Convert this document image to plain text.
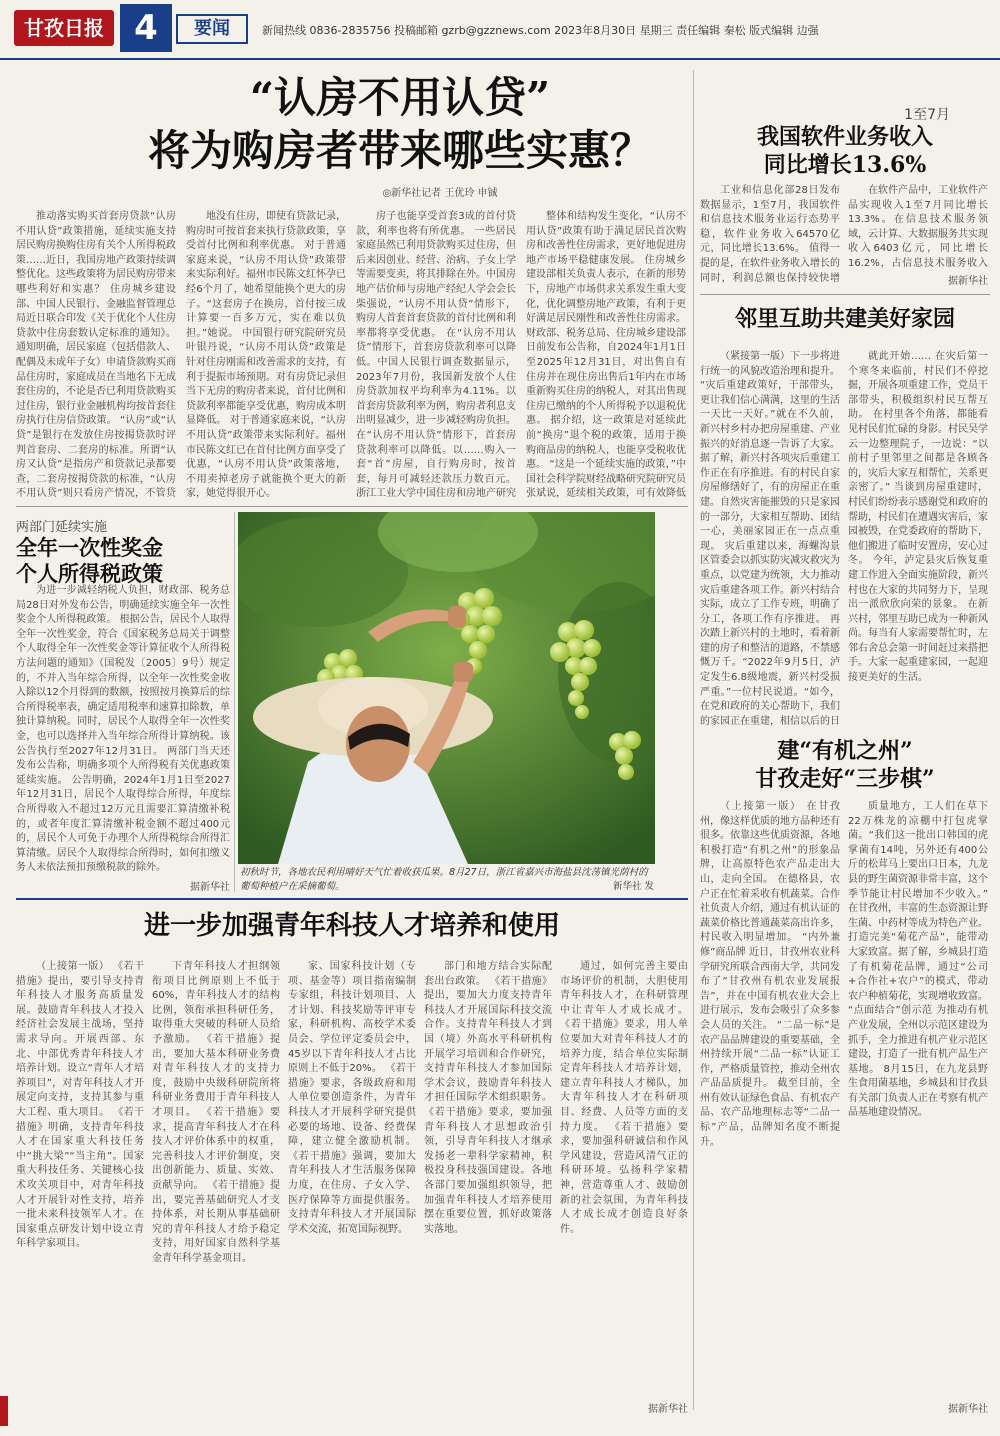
甘孜日报 4	要闻	新闻热线 0836-2835756 投稿邮箱 gzrb@gzznews.com 2023年8月30日 星期三 责任编辑 秦松 版式编辑 边强
“认房不用认贷”
将为购房者带来哪些实惠？
◎新华社记者 王优玲 申铖

推动落实购买首套房贷款“认房不用认贷”政策措施，延续实施支持居民购房换购住房有关个人所得税政策……近日，我国房地产政策持续调整优化。这些政策将为居民购房带来哪些利好和实惠？ 住房城乡建设部、中国人民银行、金融监督管理总局近日联合印发《关于优化个人住房贷款中住房套数认定标准的通知》。通知明确，居民家庭（包括借款人、配偶及未成年子女）申请贷款购买商品住房时，家庭成员在当地名下无成套住房的，不论是否已利用贷款购买过住房，银行业金融机构均按首套住房执行住房信贷政策。 “认房”或“认贷”是银行在发放住房按揭贷款时评判首套房、二套房的标准。所谓“认房又认贷”是指房产和贷款记录都要查，二套房按揭贷款的标准，“认房不用认贷”则只看房产情况，不管贷

地没有住房，即使有贷款记录，购房时可按首套来执行贷款政策，享受首付比例和利率优惠。 对于普通家庭来说，“认房不用认贷”政策带来实际利好。福州市民陈文红怀孕已经6个月了，她希望能换个更大的房子。“这套房子在换房，首付按三成计算要一百多万元，实在难以负担。”她说。 中国银行研究院研究员叶银丹说，“认房不用认贷”政策是针对住房刚需和改善需求的支持，有利于提振市场预期。对有房贷记录但当下无房的购房者来说，首付比例和贷款利率都能享受优惠，购房成本明显降低。 对于普通家庭来说，“认房不用认贷”政策带来实际利好。福州市民陈文红已在首付比例方面享受了优惠，“认房不用认贷”政策落地，不用卖掉老房子就能换个更大的新家，她觉得很开心。

房子也能享受首套3成的首付贷款，利率也将有所优惠。 一些居民家庭虽然已利用贷款购买过住房，但后来因创业、经营、治病、子女上学等需要变卖，将其排除在外。中国房地产估价师与房地产经纪人学会会长柴强说，“认房不用认贷”情形下，购房人首套首套贷款的首付比例和利率都将享受优惠。 在“认房不用认贷”情形下，首套房贷款利率可以降低。中国人民银行调查数据显示，2023年7月份，我国新发放个人住房贷款加权平均利率为4.11%。以首套房贷款利率为例，购房者利息支出明显减少，进一步减轻购房负担。 在“认房不用认贷”情形下，首套房贷款利率可以降低。以……购入一套“首”房屋，自行购房时，按首套，每月可减轻还款压力数百元。 浙江工业大学中国住房和房地产研究

整体和结构发生变化，“认房不用认贷”政策有助于满足居民首次购房和改善性住房需求，更好地促进房地产市场平稳健康发展。 住房城乡建设部相关负责人表示，在新的形势下，房地产市场供求关系发生重大变化，优化调整房地产政策，有利于更好满足居民刚性和改善性住房需求。 财政部、税务总局、住房城乡建设部日前发布公告称，自2024年1月1日至2025年12月31日，对出售自有住房并在现住房出售后1年内在市场重新购买住房的纳税人，对其出售现住房已缴纳的个人所得税予以退税优惠。 据介绍，这一政策是对延续此前“换房”退个税的政策，适用于换购商品房的纳税人，也能享受税收优惠。 “这是一个延续实施的政策，”中国社会科学院财经战略研究院研究员张斌说，延续相关政策，可有效降低

1至7月
我国软件业务收入
同比增长13.6%

工业和信息化部28日发布数据显示，1至7月，我国软件和信息技术服务业运行态势平稳，软件业务收入64570亿元，同比增长13.6%。 值得一提的是，在软件业务收入增长的同时，利润总额也保持较快增

在软件产品中，工业软件产品实现收入1至7月同比增长13.3%。在信息技术服务领域，云计算、大数据服务共实现收入6403亿元，同比增长16.2%，占信息技术服务收入

据新华社
邻里互助共建美好家园

（紧接第一版）下一步将进行统一的风貌改造治理和提升。 “灾后重建政策好，干部带头，更让我们信心满满，这里的生活一天比一天好。”就在不久前，新兴村乡村办把房屋重建、产业振兴的好消息逐一告诉了大家。 据了解，新兴村各项灾后重建工作正在有序推进。有的村民自家房屋修缮好了，有的房屋正在重建。自然灾害能摧毁的只是家园的一部分，大家相互帮助、团结一心，美丽家园正在一点点重现。 灾后重建以来，海螺沟景区管委会以抓实防灾减灾救灾为重点，以党建为统领，大力推动灾后重建各项工作。新兴村结合实际，成立了工作专班，明确了分工，各项工作有序推进。 再次踏上新兴村的土地时，看着新建的房子和整洁的道路，不禁感慨万千。“2022年9月5日，泸定发生6.8级地震，新兴村受损严重。”一位村民说道。“如今，在党和政府的关心帮助下，我们的家园正在重建，相信以后的日

就此开始…… 在灾后第一个寒冬来临前，村民们不停挖掘，开展各项重建工作，党员干部带头，积极组织村民互帮互助。 在村里各个角落，都能看见村民们忙碌的身影。村民吴学云一边整理院子，一边说：“以前村子里邻里之间都是各顾各的，灾后大家互相帮忙，关系更亲密了。” 当谈到房屋重建时，村民们纷纷表示感谢党和政府的帮助，村民们在遭遇灾害后，家园被毁，在党委政府的帮助下，他们搬进了临时安置房，安心过冬。 今年，泸定县灾后恢复重建工作进入全面实施阶段，新兴村也在大家的共同努力下，呈现出一派欣欣向荣的景象。 在新兴村，邻里互助已成为一种新风尚。每当有人家需要帮忙时，左邻右舍总会第一时间赶过来搭把手。大家一起重建家园，一起迎接更美好的生活。

两部门延续实施
全年一次性奖金
个人所得税政策

为进一步减轻纳税人负担，财政部、税务总局28日对外发布公告，明确延续实施全年一次性奖金个人所得税政策。 根据公告，居民个人取得全年一次性奖金，符合《国家税务总局关于调整个人取得全年一次性奖金等计算征收个人所得税方法问题的通知》（国税发〔2005〕9号）规定的，不并入当年综合所得，以全年一次性奖金收入除以12个月得到的数额，按照按月换算后的综合所得税率表，确定适用税率和速算扣除数，单独计算纳税。同时，居民个人取得全年一次性奖金，也可以选择并入当年综合所得计算纳税。该公告执行至2027年12月31日。 两部门当天还发布公告称，明确多项个人所得税有关优惠政策延续实施。 公告明确，2024年1月1日至2027年12月31日，居民个人取得综合所得，年度综合所得收入不超过12万元且需要汇算清缴补税的，或者年度汇算清缴补税金额不超过400元的，居民个人可免于办理个人所得税综合所得汇算清缴。居民个人取得综合所得时，如何扣缴义务人未依法预扣预缴税款的除外。

据新华社
初秋时节，各地农民利用晴好天气忙着收获瓜果。8月27日，浙江省嘉兴市海盐县沈荡镇光荫村的葡萄种植户在采摘葡萄。	新华社 发
建“有机之州”
甘孜走好“三步棋”

（上接第一版） 在甘孜州，像这样优质的地方品种还有很多。依靠这些优质资源，各地积极打造“有机之州”的形象品牌，让高原特色农产品走出大山，走向全国。 在德格县，农户正在忙着采收有机蔬菜。合作社负责人介绍，通过有机认证的蔬菜价格比普通蔬菜高出许多，村民收入明显增加。 “内外兼修”商品牌 近日，甘孜州农业科学研究所联合西南大学，共同发布了“甘孜州有机农业发展报告”，并在中国有机农业大会上进行展示，发布会吸引了众多参会人员的关注。 “二品一标”是农产品品牌建设的重要基础，全州持续开展“二品一标”认证工作，严格质量管控，推动全州农产品品质提升。 截至目前，全州有效认证绿色食品、有机农产品、农产品地理标志等“二品一标”产品，品牌知名度不断提升。

质量地方，工人们在草下22万株龙的凉棚中打包虎掌菌。“我们这一批出口韩国的虎掌菌有14吨，另外还有400公斤的松茸马上要出口日本，九龙县的野生菌资源非常丰富，这个季节能让村民增加不少收入。” 在甘孜州，丰富的生态资源让野生菌、中药材等成为特色产业。 打造完美“菊花产品”，能带动大家致富。据了解，乡城县打造了有机菊花品牌，通过“公司+合作社+农户”的模式，带动农户种植菊花，实现增收致富。 “点面结合”创示范 为推动有机产业发展，全州以示范区建设为抓手，全力推进有机产业示范区建设，打造了一批有机产品生产基地。 8月15日，在九龙县野生食用菌基地，乡城县和甘孜县有关部门负责人正在考察有机产品基地建设情况。

据新华社
进一步加强青年科技人才培养和使用

（上接第一版） 《若干措施》提出，要引导支持青年科技人才服务高质量发展。鼓励青年科技人才投入经济社会发展主战场，坚持需求导向。开展西部、东北、中部优秀青年科技人才培养计划。设立“青年人才培养项目”，对青年科技人才开展定向支持，支持其参与重大工程、重大项目。 《若干措施》明确，支持青年科技人才在国家重大科技任务中“挑大梁”“当主角”。国家重大科技任务、关键核心技术攻关项目中，对青年科技人才开展针对性支持，培养一批未来科技领军人才。在国家重点研发计划中设立青年科学家项目。

下青年科技人才担纲领衔项目比例原则上不低于60%，青年科技人才的结构比例，领衔承担科研任务，取得重大突破的科研人员给予激励。 《若干措施》提出，要加大基本科研业务费对青年科技人才的支持力度，鼓励中央级科研院所将科研业务费用于青年科技人才项目。 《若干措施》要求，提高青年科技人才在科技人才评价体系中的权重，完善科技人才评价制度，突出创新能力、质量、实效、贡献导向。 《若干措施》提出，要完善基础研究人才支持体系，对长期从事基础研究的青年科技人才给予稳定支持，用好国家自然科学基金青年科学基金项目。

家、国家科技计划（专项、基金等）项目指南编制专家组，科技计划项目、人才计划、科技奖励等评审专家，科研机构、高校学术委员会、学位评定委员会中，45岁以下青年科技人才占比原则上不低于20%。 《若干措施》要求，各级政府和用人单位要创造条件，为青年科技人才开展科学研究提供必要的场地、设备、经费保障，建立健全激励机制。 《若干措施》强调，要加大青年科技人才生活服务保障力度，在住房、子女入学、医疗保障等方面提供服务。支持青年科技人才开展国际学术交流，拓宽国际视野。

部门和地方结合实际配套出台政策。 《若干措施》提出，要加大力度支持青年科技人才开展国际科技交流合作。支持青年科技人才到国（境）外高水平科研机构开展学习培训和合作研究，支持青年科技人才参加国际学术会议，鼓励青年科技人才担任国际学术组织职务。 《若干措施》要求，要加强青年科技人才思想政治引领，引导青年科技人才继承发扬老一辈科学家精神，积极投身科技强国建设。各地各部门要加强组织领导，把加强青年科技人才培养使用摆在重要位置，抓好政策落实落地。

通过，如何完善主要由市场评价的机制，大胆使用青年科技人才，在科研管理中让青年人才成长成才。 《若干措施》要求，用人单位要加大对青年科技人才的培养力度，结合单位实际制定青年科技人才培养计划，建立青年科技人才梯队，加大青年科技人才在科研项目、经费、人员等方面的支持力度。 《若干措施》要求，要加强科研诚信和作风学风建设，营造风清气正的科研环境。弘扬科学家精神，营造尊重人才、鼓励创新的社会氛围，为青年科技人才成长成才创造良好条件。

据新华社
